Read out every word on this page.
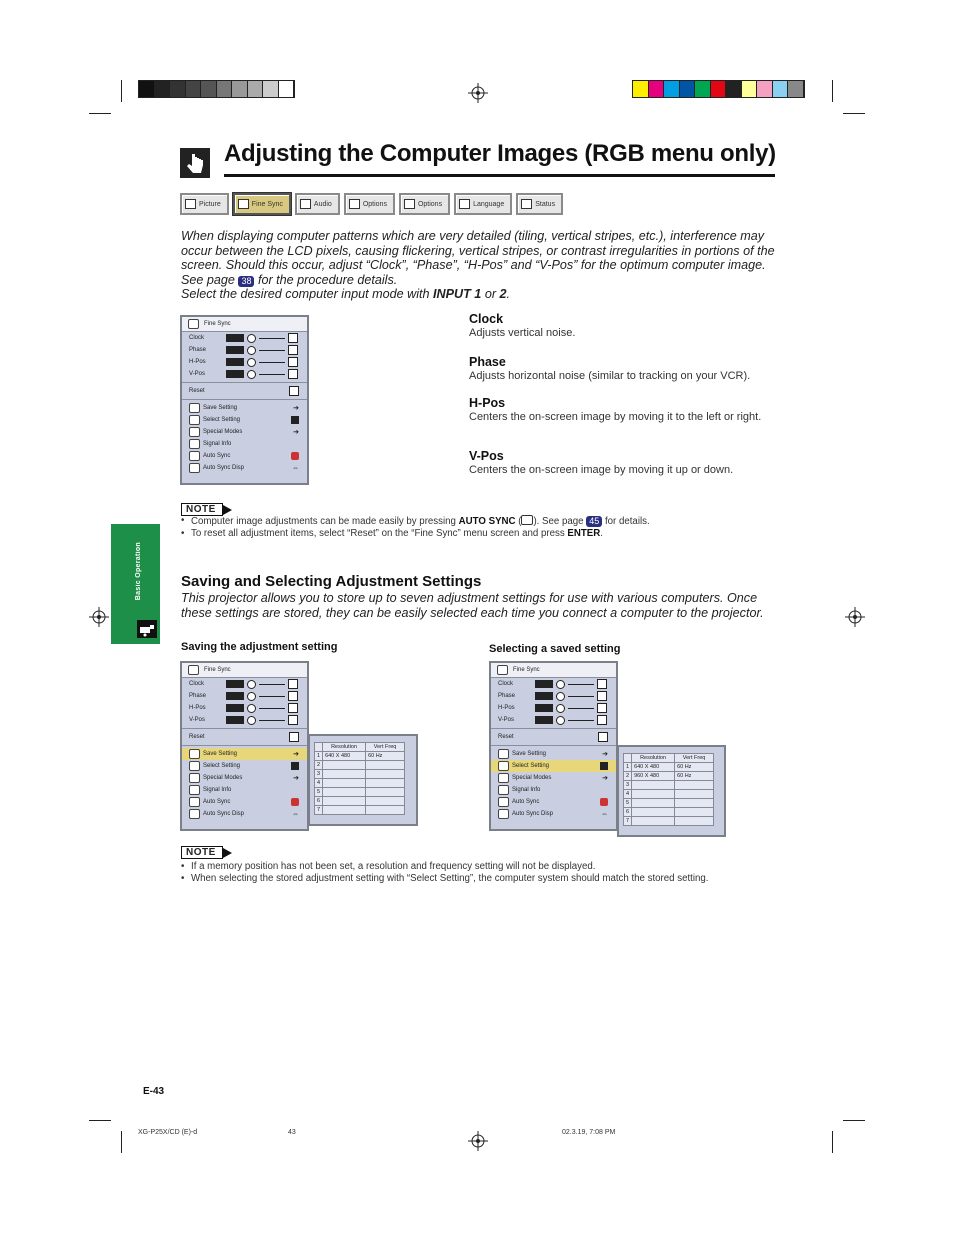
Adjusting the Computer Images (RGB menu only)
Picture	Fine Sync	Audio	Options	Options	Language	Status
When displaying computer patterns which are very detailed (tiling, vertical stripes, etc.), interference may occur between the LCD pixels, causing flickering, vertical stripes, or contrast irregularities in portions of the screen. Should this occur, adjust “Clock”, “Phase”, “H-Pos” and “V-Pos” for the optimum computer image. See page 38 for the procedure details.
Select the desired computer input mode with INPUT 1 or 2.
Fine Sync
Clock
Phase
H-Pos
V-Pos
Reset
Save Setting	➔
Select Setting
Special Modes	➔
Signal Info
Auto Sync
Auto Sync Disp	⇔
Clock

Adjusts vertical noise.

Phase

Adjusts horizontal noise (similar to tracking on your VCR).

H-Pos

Centers the on-screen image by moving it to the left or right.

V-Pos

Centers the on-screen image by moving it up or down.

NOTE
• Computer image adjustments can be made easily by pressing AUTO SYNC ( ). See page 45 for details.
• To reset all adjustment items, select “Reset” on the “Fine Sync” menu screen and press ENTER.
Basic Operation	Saving and Selecting Adjustment Settings
This projector allows you to store up to seven adjustment settings for use with various computers. Once these settings are stored, they can be easily selected each time you connect a computer to the projector.
Saving the adjustment setting	Selecting a saved setting
Fine Sync
Clock
Phase
H-Pos
V-Pos
Reset
Save Setting	➔
Select Setting
Special Modes	➔
Signal Info
Auto Sync
Auto Sync Disp	⇔
	Resolution	Vert Freq
1	640 X 480	60 Hz
2		
3		
4		
5		
6		
7		
Fine Sync
Clock
Phase
H-Pos
V-Pos
Reset
Save Setting	➔
Select Setting
Special Modes	➔
Signal Info
Auto Sync
Auto Sync Disp	⇔
	Resolution	Vert Freq
1	640 X 480	60 Hz
2	960 X 480	60 Hz
3		
4		
5		
6		
7		
NOTE
• If a memory position has not been set, a resolution and frequency setting will not be displayed.
• When selecting the stored adjustment setting with “Select Setting”, the computer system should match the stored setting.
E-43
XG-P25X/CD (E)-d	43	02.3.19, 7:08 PM
